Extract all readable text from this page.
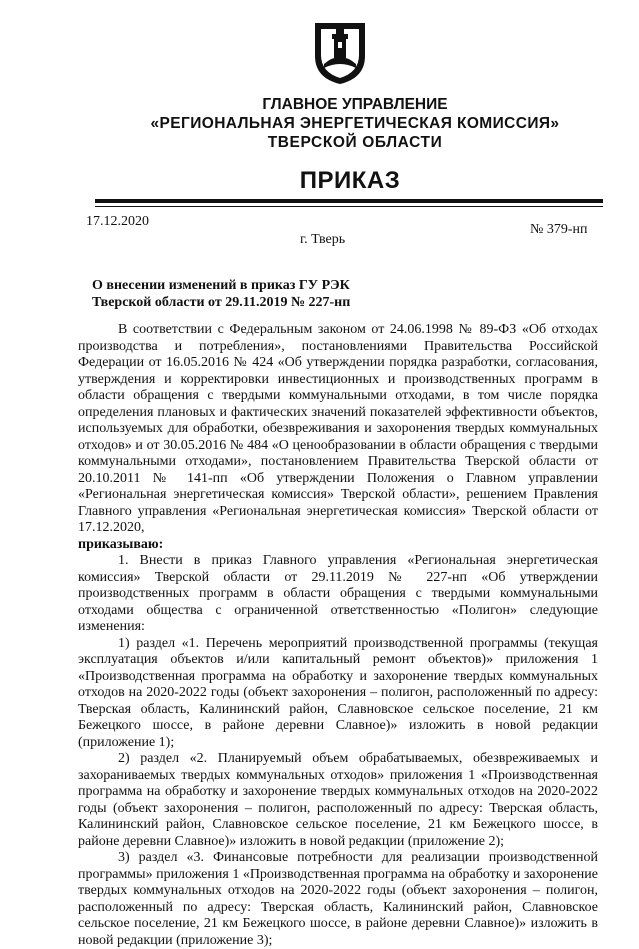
ГЛАВНОЕ УПРАВЛЕНИЕ
«РЕГИОНАЛЬНАЯ ЭНЕРГЕТИЧЕСКАЯ КОМИССИЯ»
ТВЕРСКОЙ ОБЛАСТИ
ПРИКАЗ
17.12.2020
№ 379-нп
г. Тверь
О внесении изменений в приказ ГУ РЭК
Тверской области от 29.11.2019 № 227-нп

В соответствии с Федеральным законом от 24.06.1998 № 89-ФЗ «Об отходах производства и потребления», постановлениями Правительства Российской Федерации от 16.05.2016 № 424 «Об утверждении порядка разработки, согласования, утверждения и корректировки инвестиционных и производственных программ в области обращения с твердыми коммунальными отходами, в том числе порядка определения плановых и фактических значений показателей эффективности объектов, используемых для обработки, обезвреживания и захоронения твердых коммунальных отходов» и от 30.05.2016 № 484 «О ценообразовании в области обращения с твердыми коммунальными отходами», постановлением Правительства Тверской области от 20.10.2011 № 141-пп «Об утверждении Положения о Главном управлении «Региональная энергетическая комиссия» Тверской области», решением Правления Главного управления «Региональная энергетическая комиссия» Тверской области от 17.12.2020,

приказываю:

1. Внести в приказ Главного управления «Региональная энергетическая комиссия» Тверской области от 29.11.2019 № 227-нп «Об утверждении производственных программ в области обращения с твердыми коммунальными отходами общества с ограниченной ответственностью «Полигон» следующие изменения:

1) раздел «1. Перечень мероприятий производственной программы (текущая эксплуатация объектов и/или капитальный ремонт объектов)» приложения 1 «Производственная программа на обработку и захоронение твердых коммунальных отходов на 2020-2022 годы (объект захоронения – полигон, расположенный по адресу: Тверская область, Калининский район, Славновское сельское поселение, 21 км Бежецкого шоссе, в районе деревни Славное)» изложить в новой редакции (приложение 1);

2) раздел «2. Планируемый объем обрабатываемых, обезвреживаемых и захораниваемых твердых коммунальных отходов» приложения 1 «Производственная программа на обработку и захоронение твердых коммунальных отходов на 2020-2022 годы (объект захоронения – полигон, расположенный по адресу: Тверская область, Калининский район, Славновское сельское поселение, 21 км Бежецкого шоссе, в районе деревни Славное)» изложить в новой редакции (приложение 2);

3) раздел «3. Финансовые потребности для реализации производственной программы» приложения 1 «Производственная программа на обработку и захоронение твердых коммунальных отходов на 2020-2022 годы (объект захоронения – полигон, расположенный по адресу: Тверская область, Калининский район, Славновское сельское поселение, 21 км Бежецкого шоссе, в районе деревни Славное)» изложить в новой редакции (приложение 3);
